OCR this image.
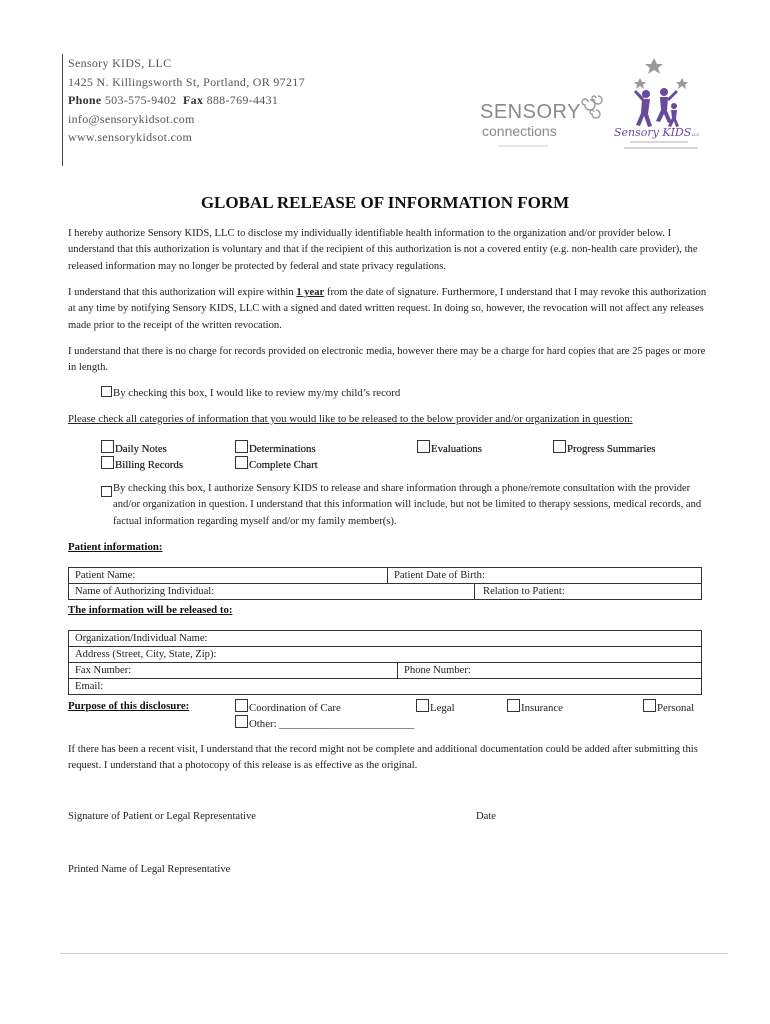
Sensory KIDS, LLC
1425 N. Killingsworth St, Portland, OR 97217
Phone 503-575-9402 Fax 888-769-4431
info@sensorykidsot.com
www.sensorykidsot.com
SENSORY
connections	Sensory KIDS LLC
GLOBAL RELEASE OF INFORMATION FORM
I hereby authorize Sensory KIDS, LLC to disclose my individually identifiable health information to the organization and/or provider below. I understand that this authorization is voluntary and that if the recipient of this authorization is not a covered entity (e.g. non-health care provider), the released information may no longer be protected by federal and state privacy regulations.
I understand that this authorization will expire within 1 year from the date of signature. Furthermore, I understand that I may revoke this authorization at any time by notifying Sensory KIDS, LLC with a signed and dated written request. In doing so, however, the revocation will not affect any releases made prior to the receipt of the written revocation.
I understand that there is no charge for records provided on electronic media, however there may be a charge for hard copies that are 25 pages or more in length.
By checking this box, I would like to review my/my child’s record
Please check all categories of information that you would like to be released to the below provider and/or organization in question:
Daily Notes	Determinations	Evaluations	Progress Summaries
Billing Records	Complete Chart
By checking this box, I authorize Sensory KIDS to release and share information through a phone/remote consultation with the provider and/or organization in question. I understand that this information will include, but not be limited to therapy sessions, medical records, and factual information regarding myself and/or my family member(s).
Patient information:
Patient Name:	Patient Date of Birth:	
Name of Authorizing Individual:		Relation to Patient:
The information will be released to:
Organization/Individual Name:
Address (Street, City, State, Zip):
Fax Number:	Phone Number:
Email:
Purpose of this disclosure:	Coordination of Care	Legal	Insurance	Personal
Other: _________________________
If there has been a recent visit, I understand that the record might not be complete and additional documentation could be added after submitting this request. I understand that a photocopy of this release is as effective as the original.
Signature of Patient or Legal Representative	Date
Printed Name of Legal Representative
